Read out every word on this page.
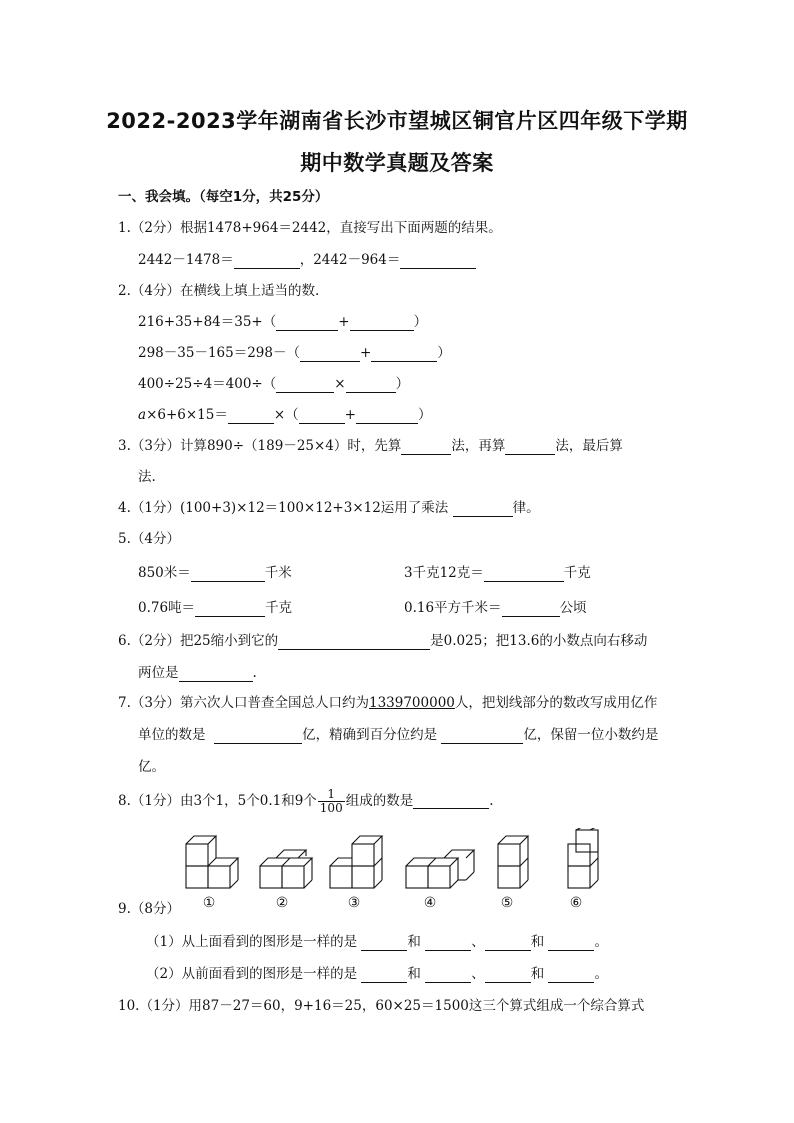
2022-2023学年湖南省长沙市望城区铜官片区四年级下学期
期中数学真题及答案
一、我会填。（每空1分，共25分）
1.（2分）根据1478+964＝2442，直接写出下面两题的结果。
2442－1478＝	，2442－964＝
2.（4分）在横线上填上适当的数.
216+35+84＝35+（	+	）
298－35－165＝298－（	+	）
400÷25÷4＝400÷（	×	）
a×6+6×15＝	×（	+	）
3.（3分）计算890÷（189－25×4）时，先算	法，再算	法，最后算
法.
4.（1分）(100+3)×12＝100×12+3×12运用了乘法	律。
5.（4分）
850米＝	千米	3千克12克＝	千克
0.76吨＝	千克	0.16平方千米＝	公顷
6.（2分）把25缩小到它的	是0.025；把13.6的小数点向右移动
两位是	.
7.（3分）第六次人口普查全国总人口约为1339700000人，把划线部分的数改写成用亿作
单位的数是	亿，精确到百分位约是	亿，保留一位小数约是
亿。
8.（1分）由3个1，5个0.1和9个 $\frac{1}{100}$ 组成的数是	.
①	②	③	④	⑤	⑥
9.（8分）
（1）从上面看到的图形是一样的是	和	、	和	。
（2）从前面看到的图形是一样的是	和	、	和	。
10.（1分）用87－27＝60，9+16＝25，60×25＝1500这三个算式组成一个综合算式
